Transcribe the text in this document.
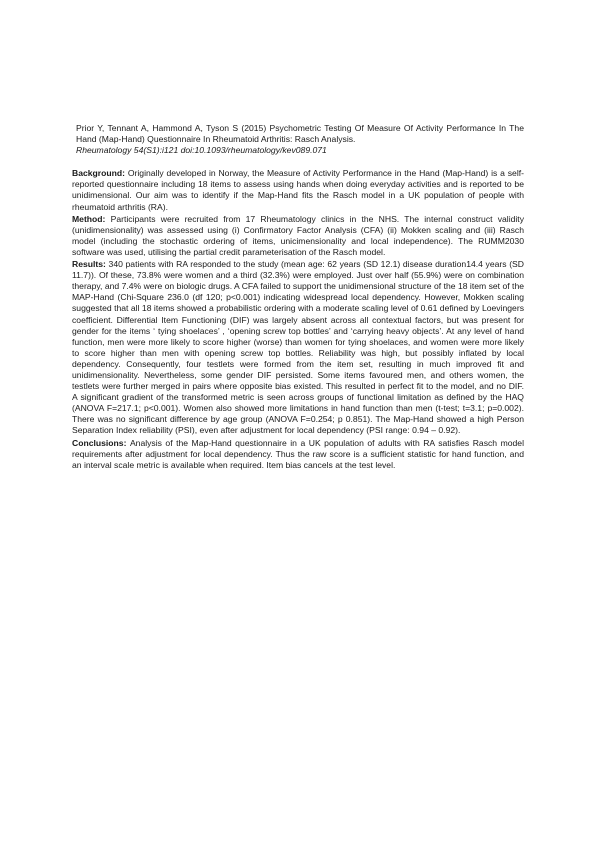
Prior Y, Tennant A, Hammond A, Tyson S (2015) Psychometric Testing Of Measure Of Activity Performance In The Hand (Map-Hand) Questionnaire In Rheumatoid Arthritis: Rasch Analysis.
Rheumatology 54(S1):i121 doi:10.1093/rheumatology/kev089.071

Background: Originally developed in Norway, the Measure of Activity Performance in the Hand (Map-Hand) is a self-reported questionnaire including 18 items to assess using hands when doing everyday activities and is reported to be unidimensional. Our aim was to identify if the Map-Hand fits the Rasch model in a UK population of people with rheumatoid arthritis (RA).

Method: Participants were recruited from 17 Rheumatology clinics in the NHS. The internal construct validity (unidimensionality) was assessed using (i) Confirmatory Factor Analysis (CFA) (ii) Mokken scaling and (iii) Rasch model (including the stochastic ordering of items, unicimensionality and local independence). The RUMM2030 software was used, utilising the partial credit parameterisation of the Rasch model.

Results: 340 patients with RA responded to the study (mean age: 62 years (SD 12.1) disease duration14.4 years (SD 11.7)). Of these, 73.8% were women and a third (32.3%) were employed. Just over half (55.9%) were on combination therapy, and 7.4% were on biologic drugs. A CFA failed to support the unidimensional structure of the 18 item set of the MAP-Hand (Chi-Square 236.0 (df 120; p<0.001) indicating widespread local dependency. However, Mokken scaling suggested that all 18 items showed a probabilistic ordering with a moderate scaling level of 0.61 defined by Loevingers coefficient. Differential Item Functioning (DIF) was largely absent across all contextual factors, but was present for gender for the items ‘ tying shoelaces’ , ‘opening screw top bottles’ and ‘carrying heavy objects’. At any level of hand function, men were more likely to score higher (worse) than women for tying shoelaces, and women were more likely to score higher than men with opening screw top bottles. Reliability was high, but possibly inflated by local dependency. Consequently, four testlets were formed from the item set, resulting in much improved fit and unidimensionality. Nevertheless, some gender DIF persisted. Some items favoured men, and others women, the testlets were further merged in pairs where opposite bias existed. This resulted in perfect fit to the model, and no DIF. A significant gradient of the transformed metric is seen across groups of functional limitation as defined by the HAQ (ANOVA F=217.1; p<0.001). Women also showed more limitations in hand function than men (t-test; t=3.1; p=0.002). There was no significant difference by age group (ANOVA F=0.254; p 0.851). The Map-Hand showed a high Person Separation Index reliability (PSI), even after adjustment for local dependency (PSI range: 0.94 – 0.92).

Conclusions: Analysis of the Map-Hand questionnaire in a UK population of adults with RA satisfies Rasch model requirements after adjustment for local dependency. Thus the raw score is a sufficient statistic for hand function, and an interval scale metric is available when required. Item bias cancels at the test level.
